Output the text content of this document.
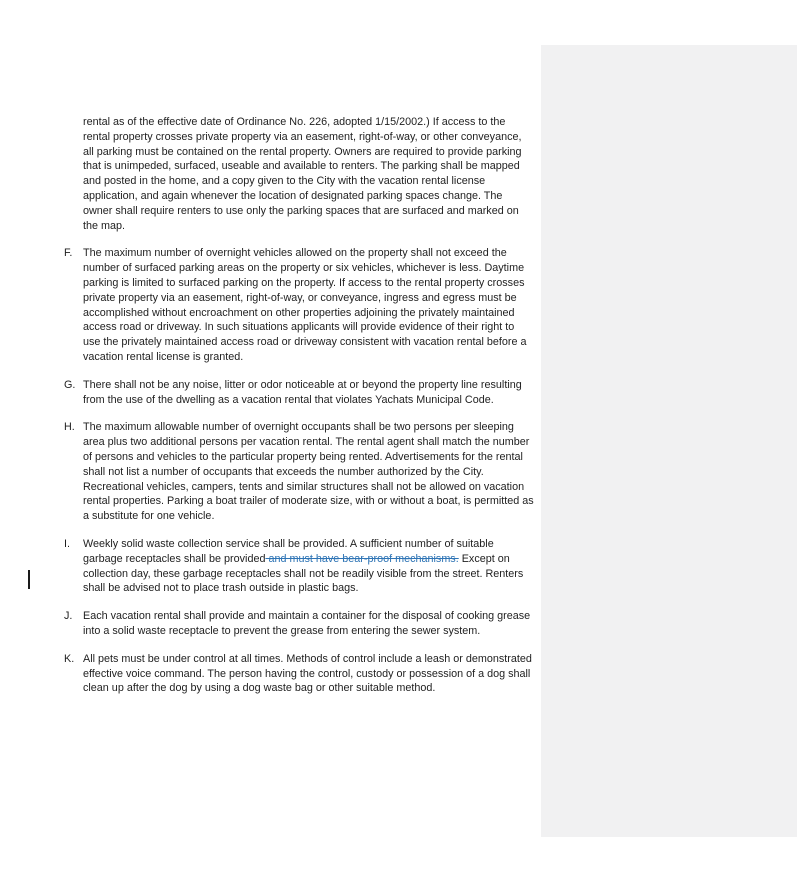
rental as of the effective date of Ordinance No. 226, adopted 1/15/2002.) If access to the rental property crosses private property via an easement, right-of-way, or other conveyance, all parking must be contained on the rental property. Owners are required to provide parking that is unimpeded, surfaced, useable and available to renters. The parking shall be mapped and posted in the home, and a copy given to the City with the vacation rental license application, and again whenever the location of designated parking spaces change. The owner shall require renters to use only the parking spaces that are surfaced and marked on the map.

F. The maximum number of overnight vehicles allowed on the property shall not exceed the number of surfaced parking areas on the property or six vehicles, whichever is less. Daytime parking is limited to surfaced parking on the property. If access to the rental property crosses private property via an easement, right-of-way, or conveyance, ingress and egress must be accomplished without encroachment on other properties adjoining the privately maintained access road or driveway. In such situations applicants will provide evidence of their right to use the privately maintained access road or driveway consistent with vacation rental before a vacation rental license is granted.

G. There shall not be any noise, litter or odor noticeable at or beyond the property line resulting from the use of the dwelling as a vacation rental that violates Yachats Municipal Code.

H. The maximum allowable number of overnight occupants shall be two persons per sleeping area plus two additional persons per vacation rental. The rental agent shall match the number of persons and vehicles to the particular property being rented. Advertisements for the rental shall not list a number of occupants that exceeds the number authorized by the City. Recreational vehicles, campers, tents and similar structures shall not be allowed on vacation rental properties. Parking a boat trailer of moderate size, with or without a boat, is permitted as a substitute for one vehicle.

I. Weekly solid waste collection service shall be provided. A sufficient number of suitable garbage receptacles shall be provided and must have bear-proof mechanisms. Except on collection day, these garbage receptacles shall not be readily visible from the street. Renters shall be advised not to place trash outside in plastic bags.

J. Each vacation rental shall provide and maintain a container for the disposal of cooking grease into a solid waste receptacle to prevent the grease from entering the sewer system.

K. All pets must be under control at all times. Methods of control include a leash or demonstrated effective voice command. The person having the control, custody or possession of a dog shall clean up after the dog by using a dog waste bag or other suitable method.
